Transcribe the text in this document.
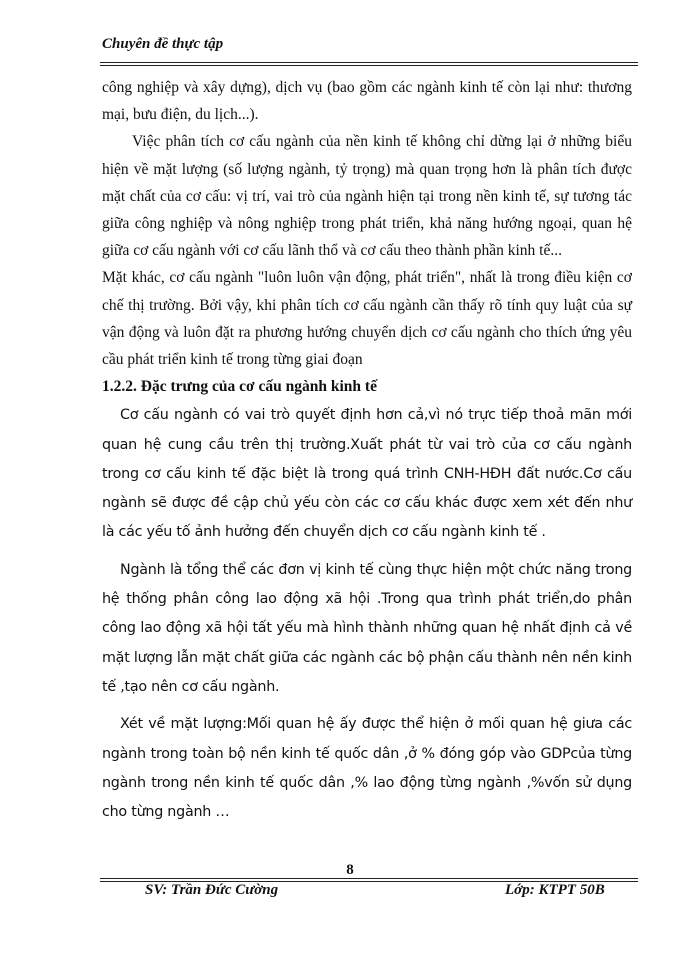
Chuyên đề thực tập

công nghiệp và xây dựng), dịch vụ (bao gồm các ngành kinh tế còn lại như: thương mại, bưu điện, du lịch...).

Việc phân tích cơ cấu ngành của nền kinh tế không chỉ dừng lại ở những biểu hiện về mặt lượng (số lượng ngành, tỷ trọng) mà quan trọng hơn là phân tích được mặt chất của cơ cấu: vị trí, vai trò của ngành hiện tại trong nền kinh tế, sự tương tác giữa công nghiệp và nông nghiệp trong phát triển, khả năng hướng ngoại, quan hệ giữa cơ cấu ngành với cơ cấu lãnh thổ và cơ cấu theo thành phần kinh tế...

Mặt khác, cơ cấu ngành "luôn luôn vận động, phát triển", nhất là trong điều kiện cơ chế thị trường. Bởi vậy, khi phân tích cơ cấu ngành cần thấy rõ tính quy luật của sự vận động và luôn đặt ra phương hướng chuyển dịch cơ cấu ngành cho thích ứng yêu cầu phát triển kinh tế trong từng giai đoạn

1.2.2. Đặc trưng của cơ cấu ngành kinh tế

Cơ cấu ngành có vai trò quyết định hơn cả,vì nó trực tiếp thoả mãn mới quan hệ cung cầu trên thị trường.Xuất phát từ vai trò của cơ cấu ngành trong cơ cấu kinh tế đặc biệt là trong quá trình CNH-HĐH đất nước.Cơ cấu ngành sẽ được đề cập chủ yếu còn các cơ cấu khác được xem xét đến như là các yếu tố ảnh hưởng đến chuyển dịch cơ cấu ngành kinh tế .

Ngành là tổng thể các đơn vị kinh tế cùng thực hiện một chức năng trong hệ thống phân công lao động xã hội .Trong qua trình phát triển,do phân công lao động xã hội tất yếu mà hình thành những quan hệ nhất định cả về mặt lượng lẫn mặt chất giữa các ngành các bộ phận cấu thành nên nền kinh tế ,tạo nên cơ cấu ngành.

Xét về mặt lượng:Mối quan hệ ấy được thể hiện ở mối quan hệ giưa các ngành trong toàn bộ nền kinh tế quốc dân ,ở % đóng góp vào GDPcủa từng ngành trong nền kinh tế quốc dân ,% lao động từng ngành ,%vốn sử dụng cho từng ngành …

8
SV: Trần Đức Cường	Lớp: KTPT 50B
